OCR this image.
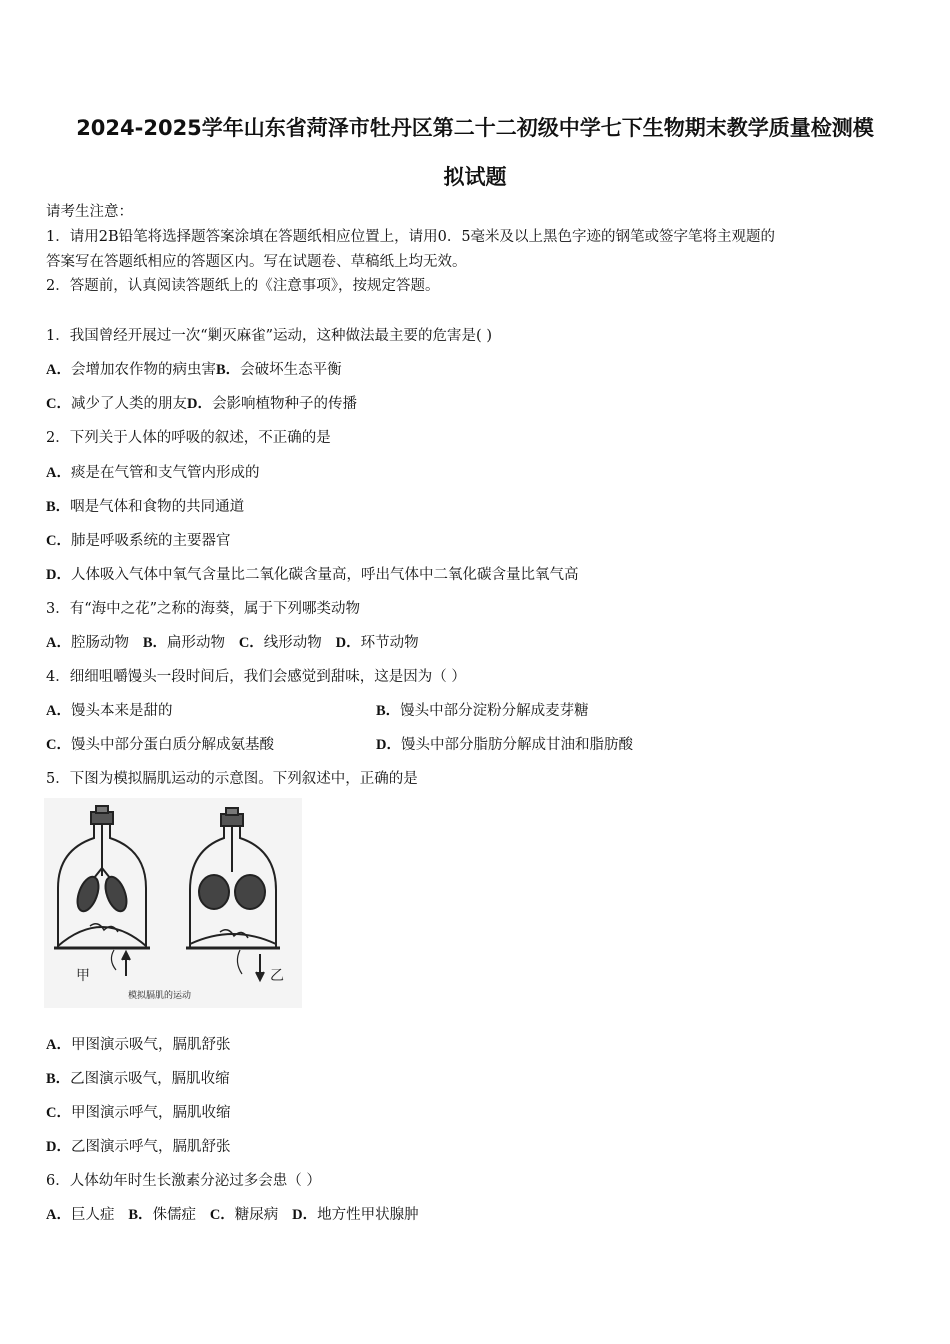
2024-2025学年山东省菏泽市牡丹区第二十二初级中学七下生物期末教学质量检测模
拟试题
请考生注意：
1．请用2B铅笔将选择题答案涂填在答题纸相应位置上，请用0．5毫米及以上黑色字迹的钢笔或签字笔将主观题的
答案写在答题纸相应的答题区内。写在试题卷、草稿纸上均无效。
2．答题前，认真阅读答题纸上的《注意事项》，按规定答题。
1．我国曾经开展过一次“剿灭麻雀”运动，这种做法最主要的危害是( )
A．会增加农作物的病虫害B．会破坏生态平衡
C．减少了人类的朋友D．会影响植物种子的传播
2．下列关于人体的呼吸的叙述，不正确的是
A．痰是在气管和支气管内形成的
B．咽是气体和食物的共同通道
C．肺是呼吸系统的主要器官
D．人体吸入气体中氧气含量比二氧化碳含量高，呼出气体中二氧化碳含量比氧气高
3．有“海中之花”之称的海葵，属于下列哪类动物
A．腔肠动物 B．扁形动物 C．线形动物 D．环节动物
4．细细咀嚼馒头一段时间后，我们会感觉到甜味，这是因为（ ）
A．馒头本来是甜的	B．馒头中部分淀粉分解成麦芽糖
C．馒头中部分蛋白质分解成氨基酸	D．馒头中部分脂肪分解成甘油和脂肪酸
5．下图为模拟膈肌运动的示意图。下列叙述中，正确的是
甲	乙
模拟膈肌的运动
A．甲图演示吸气，膈肌舒张
B．乙图演示吸气，膈肌收缩
C．甲图演示呼气，膈肌收缩
D．乙图演示呼气，膈肌舒张
6．人体幼年时生长激素分泌过多会患（ ）
A．巨人症 B．侏儒症 C．糖尿病 D．地方性甲状腺肿
